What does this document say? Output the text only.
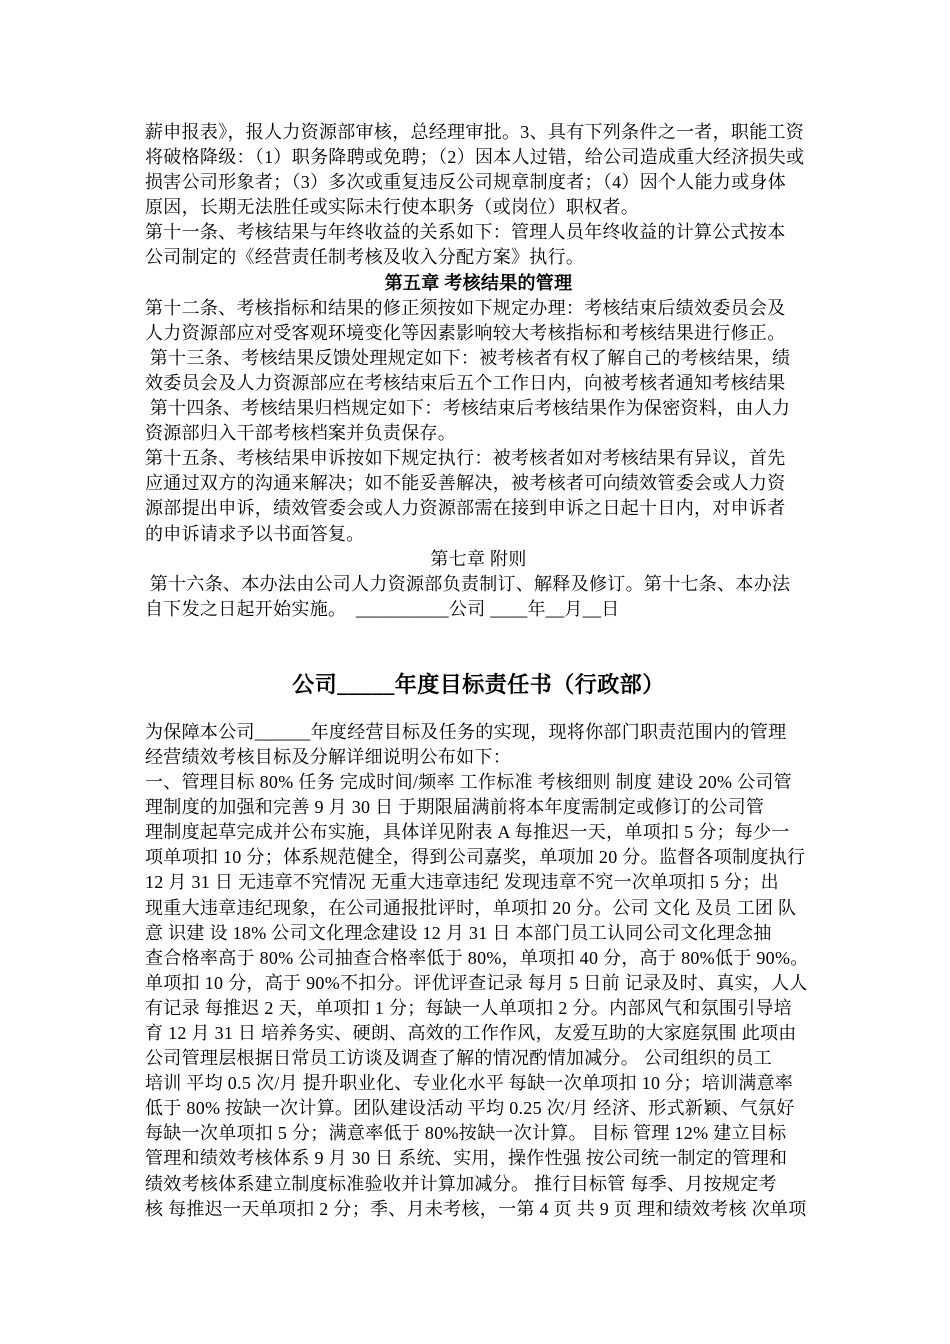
薪申报表》，报人力资源部审核，总经理审批。3、具有下列条件之一者，职能工资
将破格降级：（1）职务降聘或免聘；（2）因本人过错，给公司造成重大经济损失或
损害公司形象者；（3）多次或重复违反公司规章制度者；（4）因个人能力或身体
原因，长期无法胜任或实际未行使本职务（或岗位）职权者。
第十一条、考核结果与年终收益的关系如下：管理人员年终收益的计算公式按本
公司制定的《经营责任制考核及收入分配方案》执行。
第五章 考核结果的管理
第十二条、考核指标和结果的修正须按如下规定办理：考核结束后绩效委员会及
人力资源部应对受客观环境变化等因素影响较大考核指标和考核结果进行修正。
第十三条、考核结果反馈处理规定如下：被考核者有权了解自己的考核结果，绩
效委员会及人力资源部应在考核结束后五个工作日内，向被考核者通知考核结果
第十四条、考核结果归档规定如下：考核结束后考核结果作为保密资料，由人力
资源部归入干部考核档案并负责保存。
第十五条、考核结果申诉按如下规定执行：被考核者如对考核结果有异议，首先
应通过双方的沟通来解决；如不能妥善解决，被考核者可向绩效管委会或人力资
源部提出申诉，绩效管委会或人力资源部需在接到申诉之日起十日内，对申诉者
的申诉请求予以书面答复。
第七章 附则
第十六条、本办法由公司人力资源部负责制订、解释及修订。第十七条、本办法
自下发之日起开始实施。  __________公司 ____年__月__日
公司_____年度目标责任书（行政部）
为保障本公司______年度经营目标及任务的实现，现将你部门职责范围内的管理
经营绩效考核目标及分解详细说明公布如下：
一、管理目标 80% 任务 完成时间/频率 工作标准 考核细则 制度 建设 20% 公司管
理制度的加强和完善 9 月 30 日 于期限届满前将本年度需制定或修订的公司管
理制度起草完成并公布实施，具体详见附表 A 每推迟一天，单项扣 5 分；每少一
项单项扣 10 分；体系规范健全，得到公司嘉奖，单项加 20 分。监督各项制度执行
12 月 31 日 无违章不究情况 无重大违章违纪 发现违章不究一次单项扣 5 分；出
现重大违章违纪现象，在公司通报批评时，单项扣 20 分。公司 文化 及员 工团 队
意 识建 设 18% 公司文化理念建设 12 月 31 日 本部门员工认同公司文化理念抽
查合格率高于 80% 公司抽查合格率低于 80%，单项扣 40 分，高于 80%低于 90%。
单项扣 10 分，高于 90%不扣分。评优评查记录 每月 5 日前 记录及时、真实，人人
有记录 每推迟 2 天，单项扣 1 分；每缺一人单项扣 2 分。内部风气和氛围引导培
育 12 月 31 日 培养务实、硬朗、高效的工作作风，友爱互助的大家庭氛围 此项由
公司管理层根据日常员工访谈及调查了解的情况酌情加减分。 公司组织的员工
培训 平均 0.5 次/月 提升职业化、专业化水平 每缺一次单项扣 10 分；培训满意率
低于 80% 按缺一次计算。团队建设活动 平均 0.25 次/月 经济、形式新颖、气氛好
每缺一次单项扣 5 分；满意率低于 80%按缺一次计算。 目标 管理 12% 建立目标
管理和绩效考核体系 9 月 30 日 系统、实用，操作性强 按公司统一制定的管理和
绩效考核体系建立制度标准验收并计算加减分。 推行目标管 每季、月按规定考
核 每推迟一天单项扣 2 分；季、月未考核，一第 4 页 共 9 页 理和绩效考核 次单项
